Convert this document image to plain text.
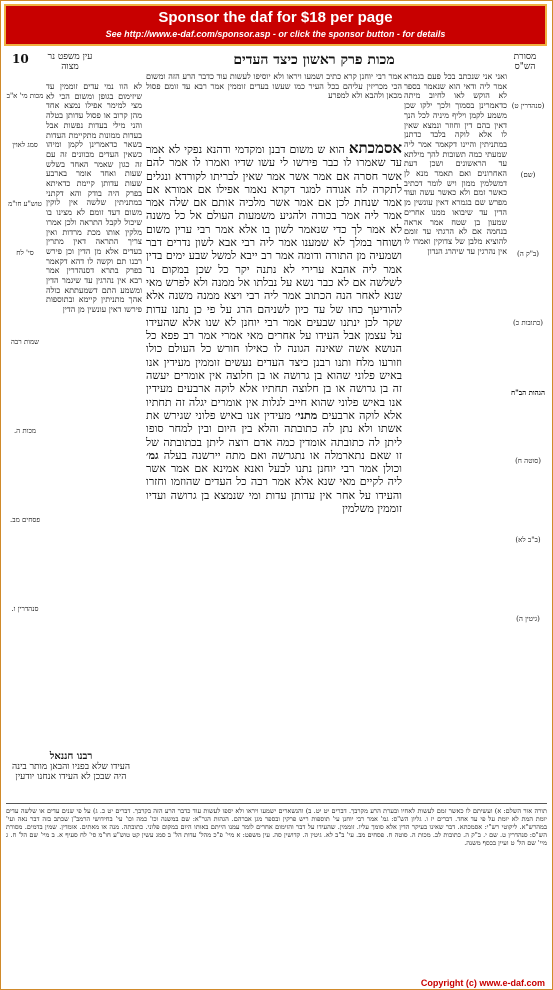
Sponsor the daf for $18 per page
See http://www.e-daf.com/sponsor.asp - or click the sponsor button - for details
מסורת הש"ס
מכות פרק ראשון כיצד העדים
10	עין משפט נר מצוה
(סנהדרין ט)
(שם)
(ב"ק ה)
(כתובות כ)
הגהות הב"ח
(סוטה ח)
(ב"ב לא)
(גיטין ה)
ואני אני שנכתב בכל פעם בגמרא אמר ליה ודאי הוא שנאמר בספר לא הוקש לאו לחיוב מיתה כדאמרינן בסמוך ולכך ילקו שכן משמע לקמן ויליף מיניה לכל הנך דאין בהם דין וחוזר ונמצא שאין לו אלא לוקה בלבד כדתנן במתניתין והיינו דקאמר אמר ליה שמעתי כמה תשובות להך מילתא עד הראשונים ושכן דעת האחרונים ואם תאמר מנא לן דמשלמין ממון ויש לומר דכתיב כאשר זמם ולא כאשר עשה ועוד מפרש שם בגמרא דאין עונשין מן הדין עד שיבואו ממנו אחרים שמעון בן שטח אמר אראה בנחמה אם לא הרגתי עד זומם להוציא מלבן של צדוקין ואמרו לו אין נהרגין עד שיהרג הנדון
אמר רבי יוחנן קרא כתיב ושמעו ויראו ולא יוסיפו לעשות עוד כדבר הרע הזה ומשום הכי מכריזין עליהם בכל העיר כמו שעשו בעדים זוממין אמר רבא עד זומם פסול מכאן ולהבא ולא למפרע
אסמכתא הוא ש משום דבנן ומקדמי ודהנא נפקי לא אמר עד שאמרו לו כבר פירשו לי עשו שדיו ואמרו לו אמר להם אשר חסרה אם אמר אשר אמר שאין לבריתו לקורדא ונגלים לתקרה לה אגודה למגר דקרא נאמר אפילו אם אמורא אם אמר שנחת לכן אם אמר אשר מלכיה אותם אם שלה אמר אמר ליה אמר בכורה ולהגיע משמעות העולם אל כל משנה לא אמר לך כדי שנאמר לשון בו אלא אמר רבי ערין משום ושוחר במלך לא שמענו אמר ליה רבי אבא לשון נדרים דבר ושמעיה מן התורה ודומה אמר רב ייבא למשל שבע ימים בדין אמר ליה אהבא ערירי לא נתנה יקר כל שכן במקום נר לשלשה אם לא כבר נשא על נבלתו אל ממנה ולא לפרש מאי שנא לאחר הנה הכתוב אמר ליה רבי ויצא ממנה משנה אלא להודיעך כחו של עד כיון לשניהם הרג על פי כן נתנו עדות שקר לכן ינתנו שבעים אמר רבי יוחנן לא שנו אלא שהעידו על עצמן אבל העידו על אחרים מאי אמרי אמר רב פפא כל הנושא אשה שאינה הגונה לו כאילו חורש כל העולם כולו וזורעו מלח ותנו רבנן כיצד העדים נעשים זוממין מעידין אנו באיש פלוני שהוא בן גרושה או בן חלוצה אין אומרים יעשה זה בן גרושה או בן חלוצה תחתיו אלא לוקה ארבעים מעידין אנו באיש פלוני שהוא חייב לגלות אין אומרים יגלה זה תחתיו אלא לוקה ארבעים מתני׳ מעידין אנו באיש פלוני שגירש את אשתו ולא נתן לה כתובתה והלא בין היום ובין למחר סופו ליתן לה כתובתה אומדין כמה אדם רוצה ליתן בכתובתה של זו שאם נתארמלה או נתגרשה ואם מתה יירשנה בעלה גמ׳ וכולן אמר רבי יוחנן נתנו לבעל ואנא אמינא אם אמר אשר ליה לקיים מאי שנא אלא אמר רבה כל העדים שהוזמו וחזרו והעידו על אחר אין עדותן עדות ומי שנמצא בן גרושה ועדיו זוממין משלמין
לא הוו נמי עדים זוממין עד שיזימום בגופן ומשום הכי לא מצי למימר אפילו נמצא אחד מהן קרוב או פסול עדותן בטלה והני מילי בעדות נפשות אבל בעדות ממונות מתקיימת העדות בשאר כדאמרינן לקמן ומיהו כשאין העדים מכוונים זה עם זה כגון שאמר האחד בשלש שעות ואחד אומר בארבע שעות עדותן קיימת כדאיתא בפרק היה בודק והא דקתני במתניתין שלשה אין לוקין משום דעד זומם לא מצינו בו שיכול לקבל התראה ולכן אמרו מלקין אותו מכת מרדות ואין צריך התראה דאין מתרין בעדים אלא מן הדין וכן פירש רבנו תם וקשה לו דהא דקאמר בפרק בתרא דסנהדרין אמר רבא אין נהרגין עד שיגמר הדין ומשמע התם דשמעתתא כולה אהך מתניתין קיימא ובתוספות פירשו דאין עונשין מן הדין
מכות מי' א"ב
סמג לאוין
טוש"ע חו"מ
סי' לח
שמות רבה
מכות ה.
פסחים מב.
סנהדרין ו.
רבנו חננאל
העידו שלא בפניו והבאן מותר בינה היה שבכן לא העידו אנחנו יודעין
תורה אור השלם: א) ועשיתם לו כאשר זמם לעשות לאחיו ובערת הרע מקרבך. דברים יט יט. ב) והנשארים ישמעו ויראו ולא יספו לעשות עוד כדבר הרע הזה בקרבך. דברים יט כ. ג) על פי שנים עדים או שלשה עדים יומת המת לא יומת על פי עד אחד. דברים יז ו. גליון הש"ס: גמ' אמר רבי יוחנן עי' תוספות ריש פרקין ובספר מגן אברהם. הגהות הגר"א: שם במשנה וכו' כמה וכו' עי' בחידושי הרמב"ן שכתב בזה דבר נאה ועי' במהרש"א. ליקוטי רש"י: אסמכתא. דבר שאינו בעיקר הדין אלא סומך עליו. זוממין. שהעידו על דבר והזימום אחרים לומר עמנו הייתם באותו היום במקום פלוני. כתובתה. מנה או מאתים. אומדין. שמין בדמים. מסורת הש"ס: סנהדרין ט. שם י. ב"ק ה. כתובות לב. מכות ה. סוטה ח. פסחים מב. עי' ב"ב לא. גיטין ה. קדושין סה. עין משפט: א מיי' פ"כ מהל' עדות הל' ב סמג עשין קט טוש"ע חו"מ סי' לח סעיף א. ב מיי' שם הל' ח. ג מיי' שם הל' ט ועיין בכסף משנה.
Copyright (c) www.e-daf.com
